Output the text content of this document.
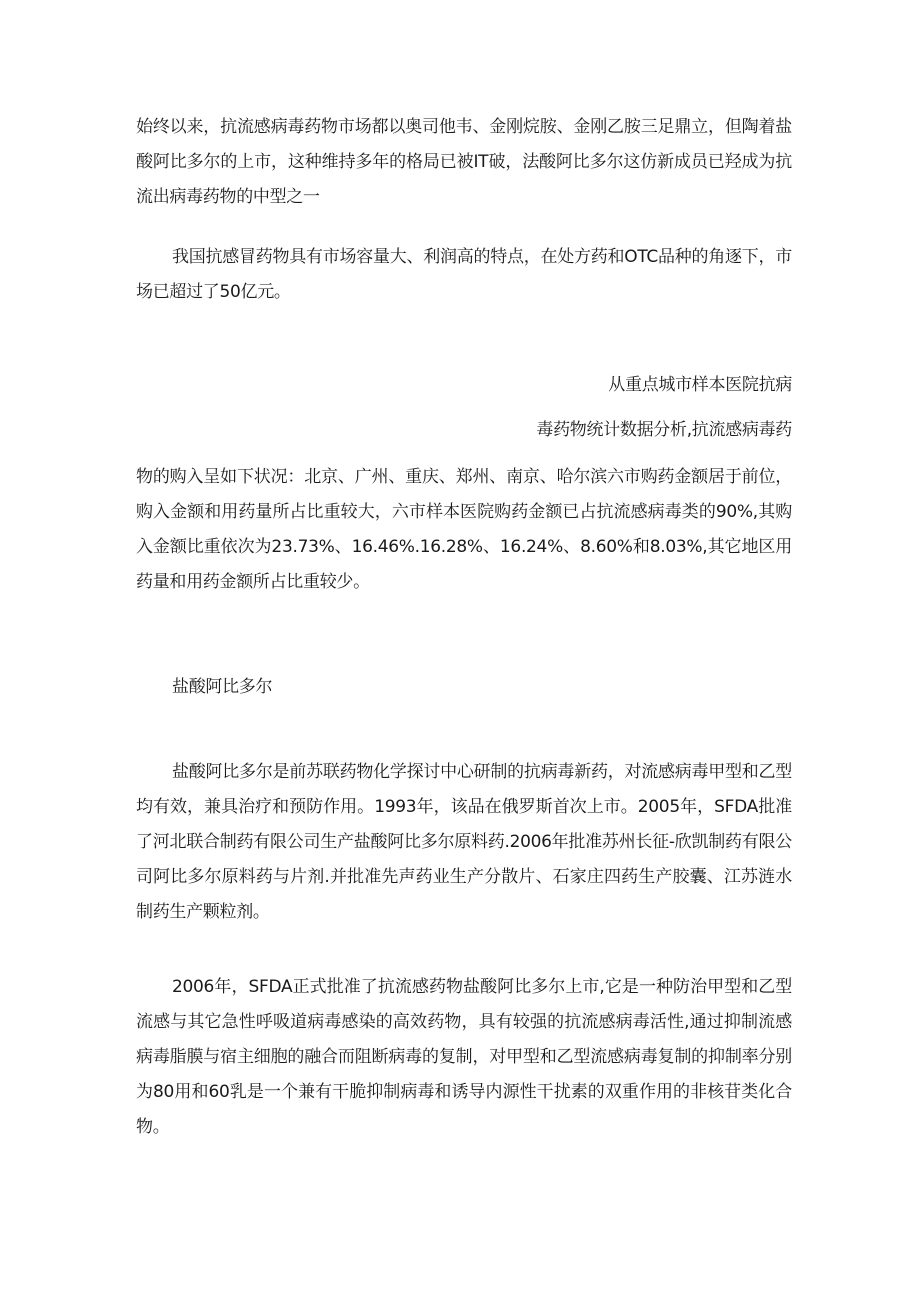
始终以来，抗流感病毒药物市场都以奥司他韦、金刚烷胺、金刚乙胺三足鼎立，但陶着盐酸阿比多尔的上市，这种维持多年的格局已被IT破，法酸阿比多尔这仿新成员已羟成为抗流出病毒药物的中型之一

我国抗感冒药物具有市场容量大、利润高的特点，在处方药和OTC品种的角逐下，市场已超过了50亿元。

从重点城市样本医院抗病

毒药物统计数据分析,抗流感病毒药

物的购入呈如下状况：北京、广州、重庆、郑州、南京、哈尔滨六市购药金额居于前位，购入金额和用药量所占比重较大，六市样本医院购药金额已占抗流感病毒类的90%,其购入金额比重依次为23.73%、16.46%.16.28%、16.24%、8.60%和8.03%,其它地区用药量和用药金额所占比重较少。

盐酸阿比多尔

盐酸阿比多尔是前苏联药物化学探讨中心研制的抗病毒新药，对流感病毒甲型和乙型均有效，兼具治疗和预防作用。1993年，该品在俄罗斯首次上市。2005年，SFDA批准了河北联合制药有限公司生产盐酸阿比多尔原料药.2006年批准苏州长征-欣凯制药有限公司阿比多尔原料药与片剂.并批准先声药业生产分散片、石家庄四药生产胶囊、江苏涟水制药生产颗粒剂。

2006年，SFDA正式批准了抗流感药物盐酸阿比多尔上市,它是一种防治甲型和乙型流感与其它急性呼吸道病毒感染的高效药物，具有较强的抗流感病毒活性,通过抑制流感病毒脂膜与宿主细胞的融合而阻断病毒的复制，对甲型和乙型流感病毒复制的抑制率分别为80用和60乳是一个兼有干脆抑制病毒和诱导内源性干扰素的双重作用的非核苷类化合物。
